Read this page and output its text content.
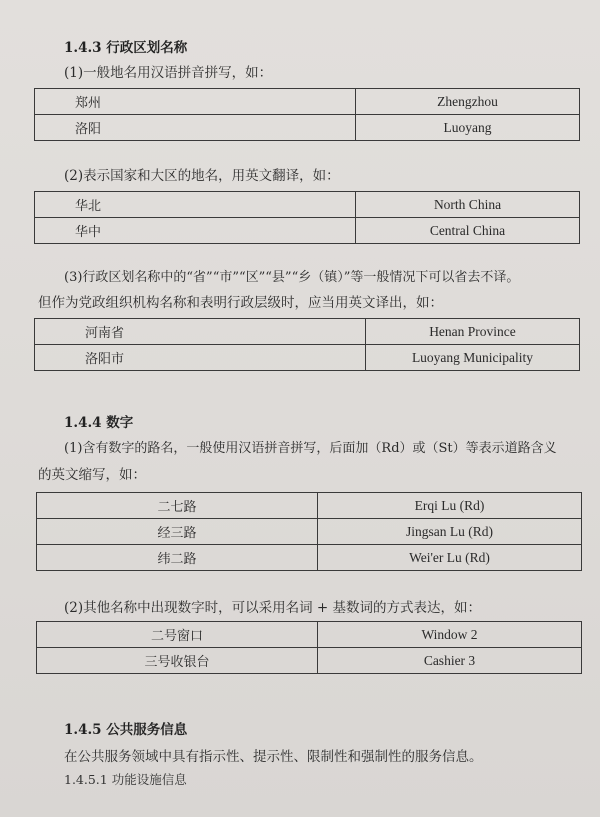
1.4.3 行政区划名称
(1)一般地名用汉语拼音拼写，如：
郑州	Zhengzhou
洛阳	Luoyang
(2)表示国家和大区的地名，用英文翻译，如：
华北	North China
华中	Central China
(3)行政区划名称中的“省”“市”“区”“县”“乡（镇）”等一般情况下可以省去不译。
但作为党政组织机构名称和表明行政层级时，应当用英文译出，如：
河南省	Henan Province
洛阳市	Luoyang Municipality
1.4.4 数字
(1)含有数字的路名，一般使用汉语拼音拼写，后面加（Rd）或（St）等表示道路含义
的英文缩写，如：
二七路	Erqi Lu (Rd)
经三路	Jingsan Lu (Rd)
纬二路	Wei'er Lu (Rd)
(2)其他名称中出现数字时，可以采用名词 + 基数词的方式表达，如：
二号窗口	Window 2
三号收银台	Cashier 3
1.4.5 公共服务信息
在公共服务领域中具有指示性、提示性、限制性和强制性的服务信息。
1.4.5.1 功能设施信息
